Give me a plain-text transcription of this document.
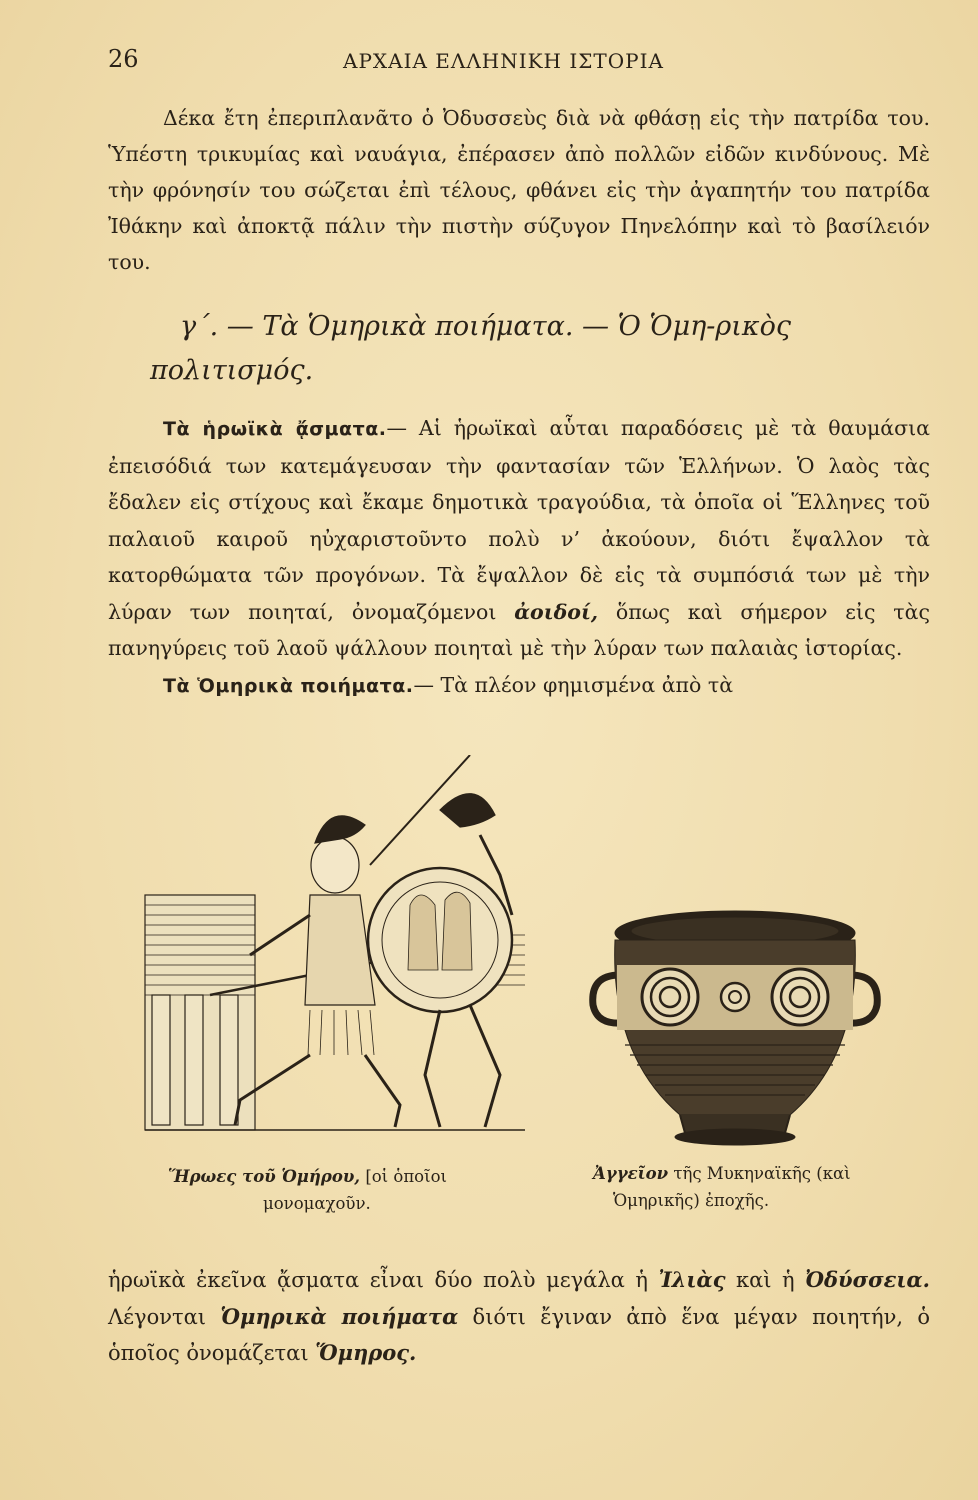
26	ΑΡΧΑΙΑ ΕΛΛΗΝΙΚΗ ΙΣΤΟΡΙΑ

Δέκα ἔτη ἐπεριπλανᾶτο ὁ Ὀδυσσεὺς διὰ νὰ φθάσῃ εἰς τὴν πατρίδα του. Ὑπέστη τρικυμίας καὶ ναυάγια, ἐπέρασεν ἀπὸ πολλῶν εἰδῶν κινδύνους. Μὲ τὴν φρόνησίν του σώζεται ἐπὶ τέλους, φθάνει εἰς τὴν ἀγαπητήν του πατρίδα Ἰθάκην καὶ ἀποκτᾷ πάλιν τὴν πιστὴν σύζυγον Πηνελόπην καὶ τὸ βασίλειόν του.

γ΄. — Τὰ Ὁμηρικὰ ποιήματα. — Ὁ Ὁμη-ρικὸς πολιτισμός.

Τὰ ἡρωϊκὰ ᾄσματα.— Αἱ ἡρωϊκαὶ αὗται παραδόσεις μὲ τὰ θαυμάσια ἐπεισόδιά των κατεμάγευσαν τὴν φαντασίαν τῶν Ἑλλήνων. Ὁ λαὸς τὰς ἔδαλεν εἰς στίχους καὶ ἔκαμε δημοτικὰ τραγούδια, τὰ ὁποῖα οἱ Ἕλληνες τοῦ παλαιοῦ καιροῦ ηὐχαριστοῦντο πολὺ ν’ ἀκούουν, διότι ἔψαλλον τὰ κατορθώματα τῶν προγόνων. Τὰ ἔψαλλον δὲ εἰς τὰ συμπόσιά των μὲ τὴν λύραν των ποιηταί, ὀνομαζόμενοι ἀοιδοί, ὅπως καὶ σήμερον εἰς τὰς πανηγύρεις τοῦ λαοῦ ψάλλουν ποιηταὶ μὲ τὴν λύραν των παλαιὰς ἱστορίας.

Τὰ Ὁμηρικὰ ποιήματα.— Τὰ πλέον φημισμένα ἀπὸ τὰ

Ἥρωες τοῦ Ὁμήρου, [οἱ ὁποῖοι
μονομαχοῦν.
Ἀγγεῖον τῆς Μυκηναϊκῆς (καὶ
Ὁμηρικῆς) ἐποχῆς.

ἡρωϊκὰ ἐκεῖνα ᾄσματα εἶναι δύο πολὺ μεγάλα ἡ Ἰλιὰς καὶ ἡ Ὀδύσσεια. Λέγονται Ὁμηρικὰ ποιήματα διότι ἔγιναν ἀπὸ ἕνα μέγαν ποιητήν, ὁ ὁποῖος ὀνομάζεται Ὅμηρος.
